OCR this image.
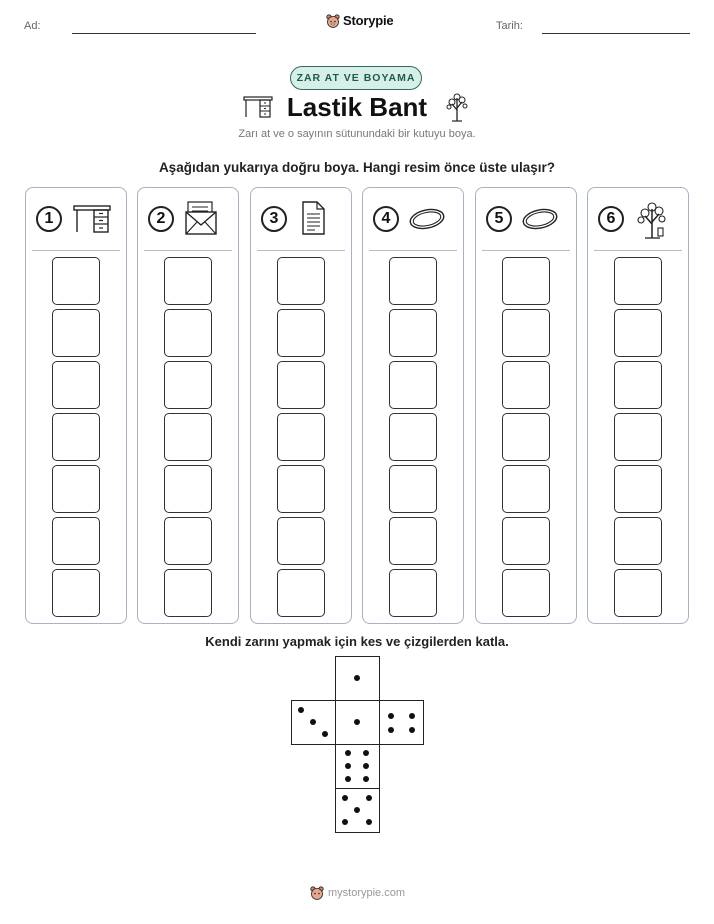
Ad:	Storypie	Tarih:
ZAR AT VE BOYAMA
Lastik Bant
Zarı at ve o sayının sütunundaki bir kutuyu boya.
Aşağıdan yukarıya doğru boya. Hangi resim önce üste ulaşır?
1	2	3	4	5	6
Kendi zarını yapmak için kes ve çizgilerden katla.
mystorypie.com
